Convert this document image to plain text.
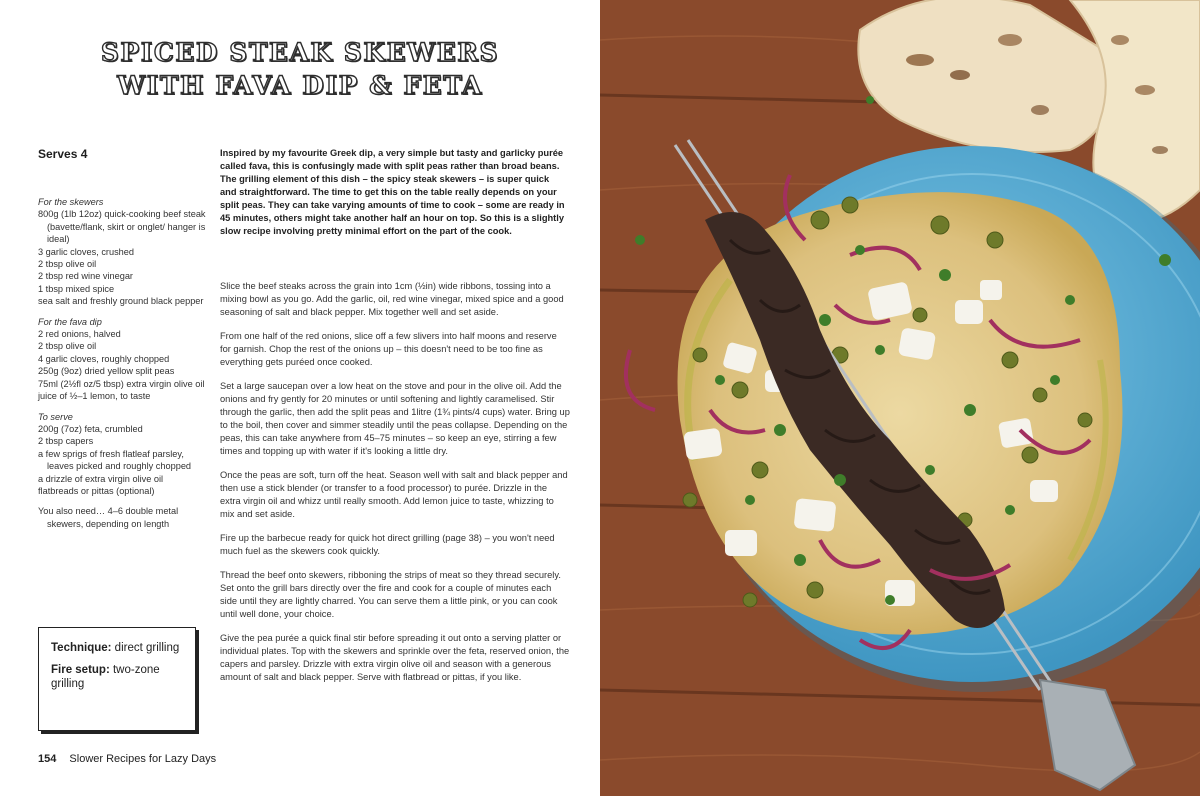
SPICED STEAK SKEWERS
WITH FAVA DIP & FETA
Serves 4
For the skewers
800g (1lb 12oz) quick-cooking beef steak (bavette/flank, skirt or onglet/ hanger is ideal)
3 garlic cloves, crushed
2 tbsp olive oil
2 tbsp red wine vinegar
1 tbsp mixed spice
sea salt and freshly ground black pepper
For the fava dip
2 red onions, halved
2 tbsp olive oil
4 garlic cloves, roughly chopped
250g (9oz) dried yellow split peas
75ml (2½fl oz/5 tbsp) extra virgin olive oil
juice of ½–1 lemon, to taste
To serve
200g (7oz) feta, crumbled
2 tbsp capers
a few sprigs of fresh flatleaf parsley, leaves picked and roughly chopped
a drizzle of extra virgin olive oil
flatbreads or pittas (optional)
You also need… 4–6 double metal skewers, depending on length

Technique: direct grilling

Fire setup: two-zone grilling

Inspired by my favourite Greek dip, a very simple but tasty and garlicky purée called fava, this is confusingly made with split peas rather than broad beans. The grilling element of this dish – the spicy steak skewers – is super quick and straightforward. The time to get this on the table really depends on your split peas. They can take varying amounts of time to cook – some are ready in 45 minutes, others might take another half an hour on top. So this is a slightly slow recipe involving pretty minimal effort on the part of the cook.

Slice the beef steaks across the grain into 1cm (½in) wide ribbons, tossing into a mixing bowl as you go. Add the garlic, oil, red wine vinegar, mixed spice and a good seasoning of salt and black pepper. Mix together well and set aside.

From one half of the red onions, slice off a few slivers into half moons and reserve for garnish. Chop the rest of the onions up – this doesn't need to be too fine as everything gets puréed once cooked.

Set a large saucepan over a low heat on the stove and pour in the olive oil. Add the onions and fry gently for 20 minutes or until softening and lightly caramelised. Stir through the garlic, then add the split peas and 1litre (1¾ pints/4 cups) water. Bring up to the boil, then cover and simmer steadily until the peas collapse. Depending on the peas, this can take anywhere from 45–75 minutes – so keep an eye, stirring a few times and topping up with water if it's looking a little dry.

Once the peas are soft, turn off the heat. Season well with salt and black pepper and then use a stick blender (or transfer to a food processor) to purée. Drizzle in the extra virgin oil and whizz until really smooth. Add lemon juice to taste, whizzing to mix and set aside.

Fire up the barbecue ready for quick hot direct grilling (page 38) – you won't need much fuel as the skewers cook quickly.

Thread the beef onto skewers, ribboning the strips of meat so they thread securely. Set onto the grill bars directly over the fire and cook for a couple of minutes each side until they are lightly charred. You can serve them a little pink, or you can cook until well done, your choice.

Give the pea purée a quick final stir before spreading it out onto a serving platter or individual plates. Top with the skewers and sprinkle over the feta, reserved onion, the capers and parsley. Drizzle with extra virgin olive oil and season with a generous amount of salt and black pepper. Serve with flatbread or pittas, if you like.

154 Slower Recipes for Lazy Days
